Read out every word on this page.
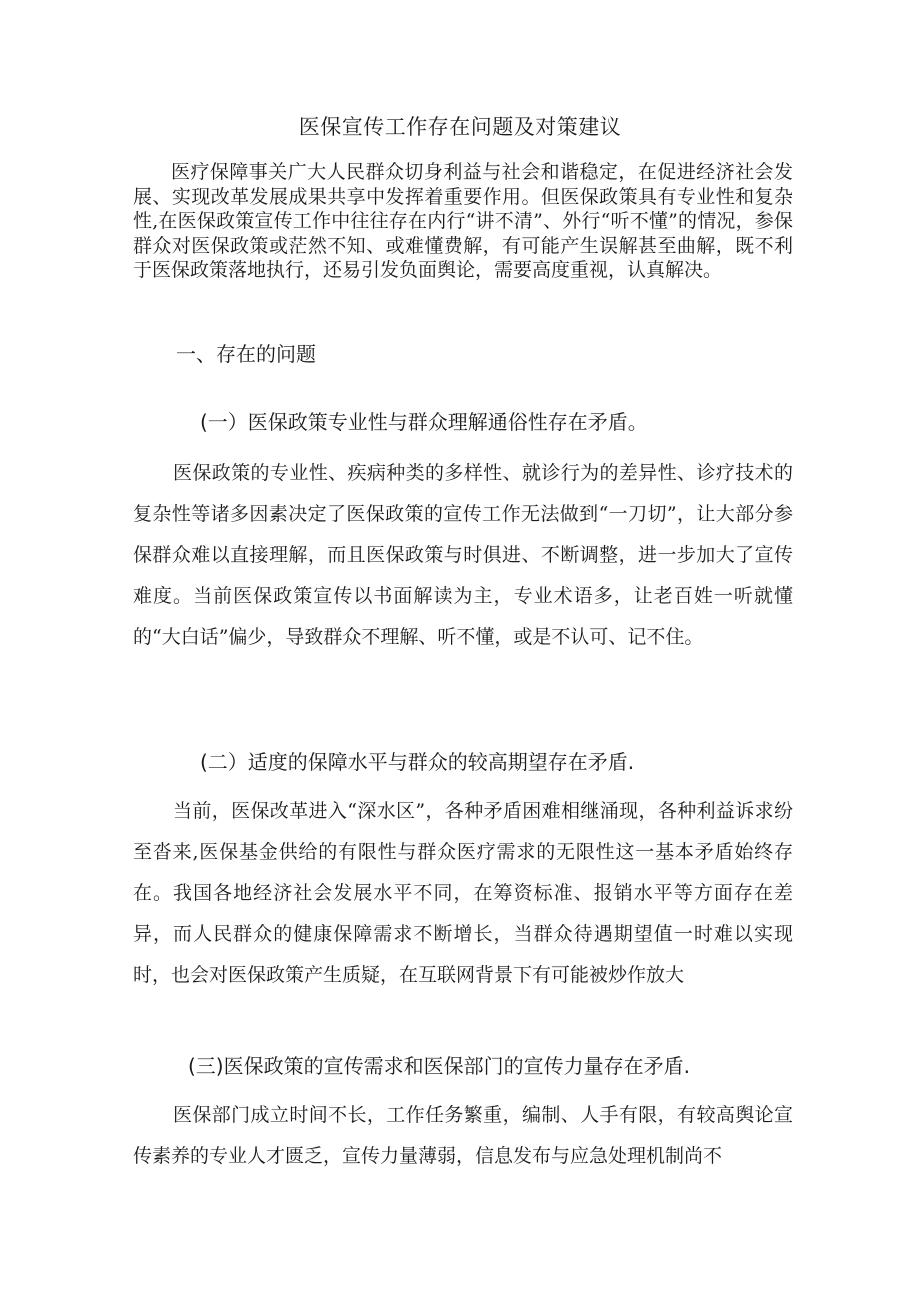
医保宣传工作存在问题及对策建议

医疗保障事关广大人民群众切身利益与社会和谐稳定，在促进经济社会发展、实现改革发展成果共享中发挥着重要作用。但医保政策具有专业性和复杂性,在医保政策宣传工作中往往存在内行“讲不清”、外行“听不懂”的情况，参保群众对医保政策或茫然不知、或难懂费解，有可能产生误解甚至曲解，既不利于医保政策落地执行，还易引发负面舆论，需要高度重视，认真解决。

一、存在的问题

(一）医保政策专业性与群众理解通俗性存在矛盾。

医保政策的专业性、疾病种类的多样性、就诊行为的差异性、诊疗技术的复杂性等诸多因素决定了医保政策的宣传工作无法做到“一刀切”，让大部分参保群众难以直接理解，而且医保政策与时俱进、不断调整，进一步加大了宣传难度。当前医保政策宣传以书面解读为主，专业术语多，让老百姓一听就懂的“大白话”偏少，导致群众不理解、听不懂，或是不认可、记不住。

(二）适度的保障水平与群众的较高期望存在矛盾.

当前，医保改革进入“深水区”，各种矛盾困难相继涌现，各种利益诉求纷至沓来,医保基金供给的有限性与群众医疗需求的无限性这一基本矛盾始终存在。我国各地经济社会发展水平不同，在筹资标准、报销水平等方面存在差异，而人民群众的健康保障需求不断增长，当群众待遇期望值一时难以实现时，也会对医保政策产生质疑，在互联网背景下有可能被炒作放大

(三)医保政策的宣传需求和医保部门的宣传力量存在矛盾.

医保部门成立时间不长，工作任务繁重，编制、人手有限，有较高舆论宣传素养的专业人才匮乏，宣传力量薄弱，信息发布与应急处理机制尚不
